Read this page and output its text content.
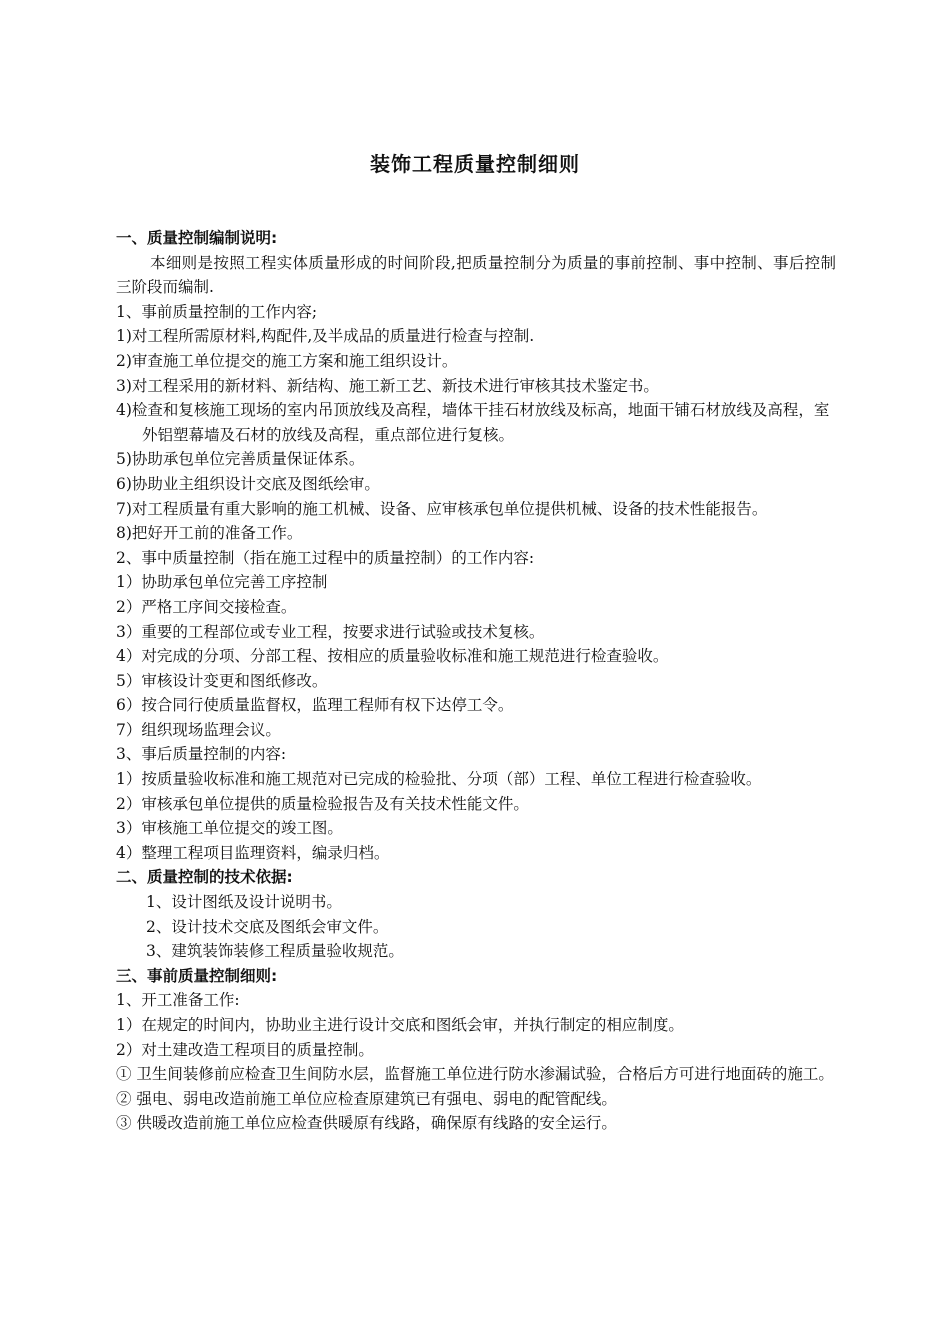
装饰工程质量控制细则
一、质量控制编制说明:
本细则是按照工程实体质量形成的时间阶段,把质量控制分为质量的事前控制、事中控制、事后控制三阶段而编制.
1、事前质量控制的工作内容;
1)对工程所需原材料,构配件,及半成品的质量进行检查与控制.
2)审查施工单位提交的施工方案和施工组织设计。
3)对工程采用的新材料、新结构、施工新工艺、新技术进行审核其技术鉴定书。
4)检查和复核施工现场的室内吊顶放线及高程，墙体干挂石材放线及标高，地面干铺石材放线及高程，室外铝塑幕墙及石材的放线及高程，重点部位进行复核。
5)协助承包单位完善质量保证体系。
6)协助业主组织设计交底及图纸绘审。
7)对工程质量有重大影响的施工机械、设备、应审核承包单位提供机械、设备的技术性能报告。
8)把好开工前的准备工作。
2、事中质量控制（指在施工过程中的质量控制）的工作内容:
1）协助承包单位完善工序控制
2）严格工序间交接检查。
3）重要的工程部位或专业工程，按要求进行试验或技术复核。
4）对完成的分项、分部工程、按相应的质量验收标准和施工规范进行检查验收。
5）审核设计变更和图纸修改。
6）按合同行使质量监督权，监理工程师有权下达停工令。
7）组织现场监理会议。
3、事后质量控制的内容:
1）按质量验收标准和施工规范对已完成的检验批、分项（部）工程、单位工程进行检查验收。
2）审核承包单位提供的质量检验报告及有关技术性能文件。
3）审核施工单位提交的竣工图。
4）整理工程项目监理资料，编录归档。
二、质量控制的技术依据:
1、设计图纸及设计说明书。
2、设计技术交底及图纸会审文件。
3、建筑装饰装修工程质量验收规范。
三、事前质量控制细则:
1、开工准备工作:
1）在规定的时间内，协助业主进行设计交底和图纸会审，并执行制定的相应制度。
2）对土建改造工程项目的质量控制。
① 卫生间装修前应检查卫生间防水层，监督施工单位进行防水渗漏试验，合格后方可进行地面砖的施工。
② 强电、弱电改造前施工单位应检查原建筑已有强电、弱电的配管配线。
③ 供暖改造前施工单位应检查供暖原有线路，确保原有线路的安全运行。
